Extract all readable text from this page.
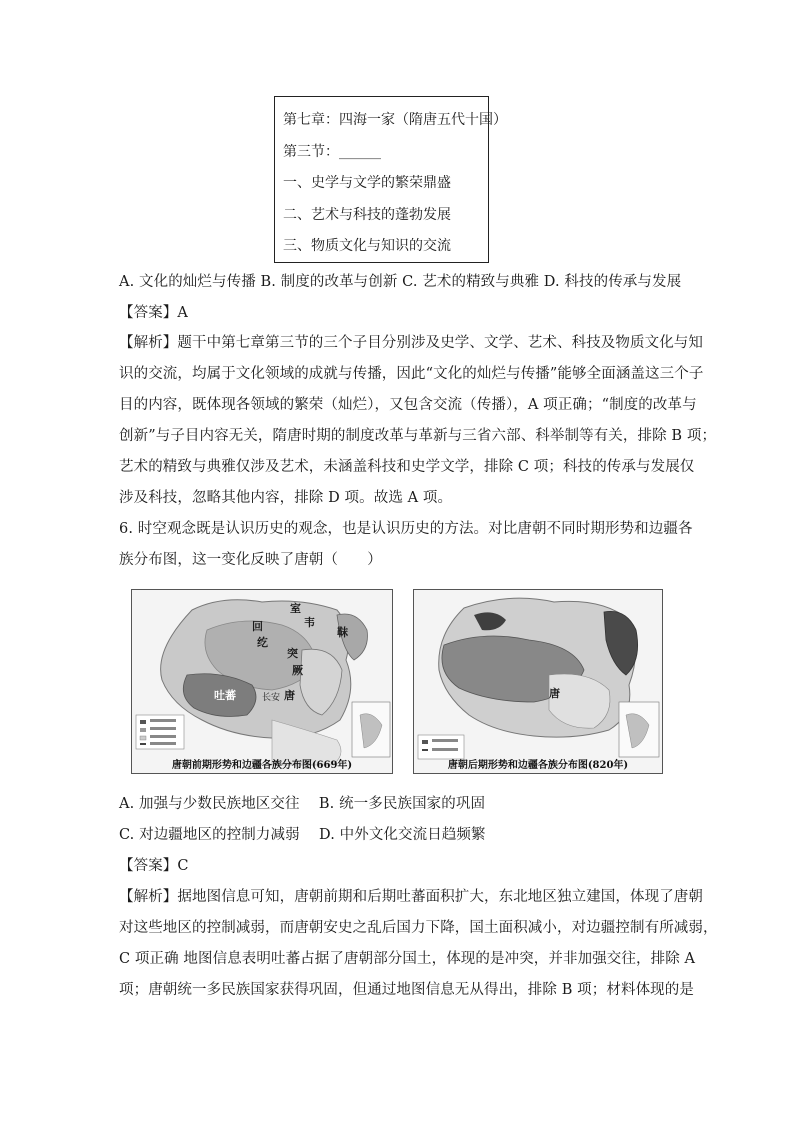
第七章：四海一家（隋唐五代十国）
第三节：______
一、史学与文学的繁荣鼎盛
二、艺术与科技的蓬勃发展
三、物质文化与知识的交流
A. 文化的灿烂与传播 B. 制度的改革与创新 C. 艺术的精致与典雅 D. 科技的传承与发展
【答案】A
【解析】题干中第七章第三节的三个子目分别涉及史学、文学、艺术、科技及物质文化与知
识的交流，均属于文化领域的成就与传播，因此“文化的灿烂与传播”能够全面涵盖这三个子
目的内容，既体现各领域的繁荣（灿烂），又包含交流（传播），A 项正确；“制度的改革与
创新”与子目内容无关，隋唐时期的制度改革与革新与三省六部、科举制等有关，排除 B 项；
艺术的精致与典雅仅涉及艺术，未涵盖科技和史学文学，排除 C 项；科技的传承与发展仅
涉及科技，忽略其他内容，排除 D 项。故选 A 项。
6. 时空观念既是认识历史的观念，也是认识历史的方法。对比唐朝不同时期形势和边疆各
族分布图，这一变化反映了唐朝（　　）
室
韦
靺
回
纥
突
厥
吐蕃	长安 唐
唐朝前期形势和边疆各族分布图(669年)
唐
唐朝后期形势和边疆各族分布图(820年)
A. 加强与少数民族地区交往　 B. 统一多民族国家的巩固
C. 对边疆地区的控制力减弱　 D. 中外文化交流日趋频繁
【答案】C
【解析】据地图信息可知，唐朝前期和后期吐蕃面积扩大，东北地区独立建国，体现了唐朝
对这些地区的控制减弱，而唐朝安史之乱后国力下降，国土面积减小，对边疆控制有所减弱，
C 项正确 地图信息表明吐蕃占据了唐朝部分国土，体现的是冲突，并非加强交往，排除 A
项；唐朝统一多民族国家获得巩固，但通过地图信息无从得出，排除 B 项；材料体现的是
